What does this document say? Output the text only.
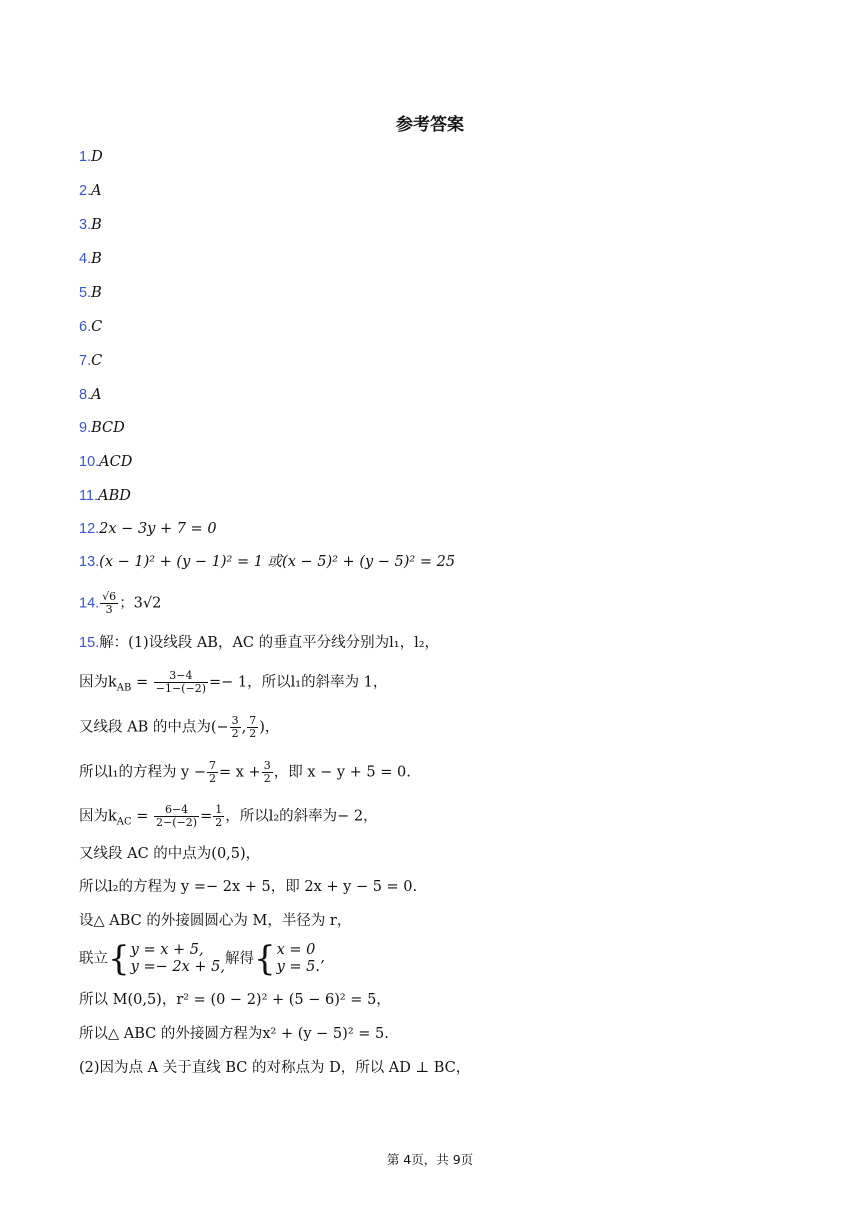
参考答案
1.D
2.A
3.B
4.B
5.B
6.C
7.C
8.A
9.BCD
10.ACD
11.ABD
12.2x − 3y + 7 = 0
13.(x − 1)² + (y − 1)² = 1 或(x − 5)² + (y − 5)² = 25
14. $\frac{√6}{3}$ ；3√2
15.解：(1)设线段 AB，AC 的垂直平分线分别为l₁，l₂，
因为$k_{AB} = \frac{3-4}{-1-(-2)} =- 1$，所以l₁的斜率为 1，
又线段 AB 的中点为(− $\frac{3}{2}$ , $\frac{7}{2}$ )，
所以l₁的方程为 $y - \frac{7}{2} = x + \frac{3}{2}$ ，即 x − y + 5 = 0.
因为$k_{AC} = \frac{6-4}{2-(-2)} = \frac{1}{2}$ ，所以l₂的斜率为− 2，
又线段 AC 的中点为(0,5)，
所以l₂的方程为 y =− 2x + 5，即 2x + y − 5 = 0.
设△ ABC 的外接圆圆心为 M，半径为 r，
联立{y = x + 5,
y =− 2x + 5,解得{x = 0
y = 5.’
所以 M(0,5)，r² = (0 − 2)² + (5 − 6)² = 5，
所以△ ABC 的外接圆方程为x² + (y − 5)² = 5.
(2)因为点 A 关于直线 BC 的对称点为 D，所以 AD ⊥ BC，
第 4页，共 9页
